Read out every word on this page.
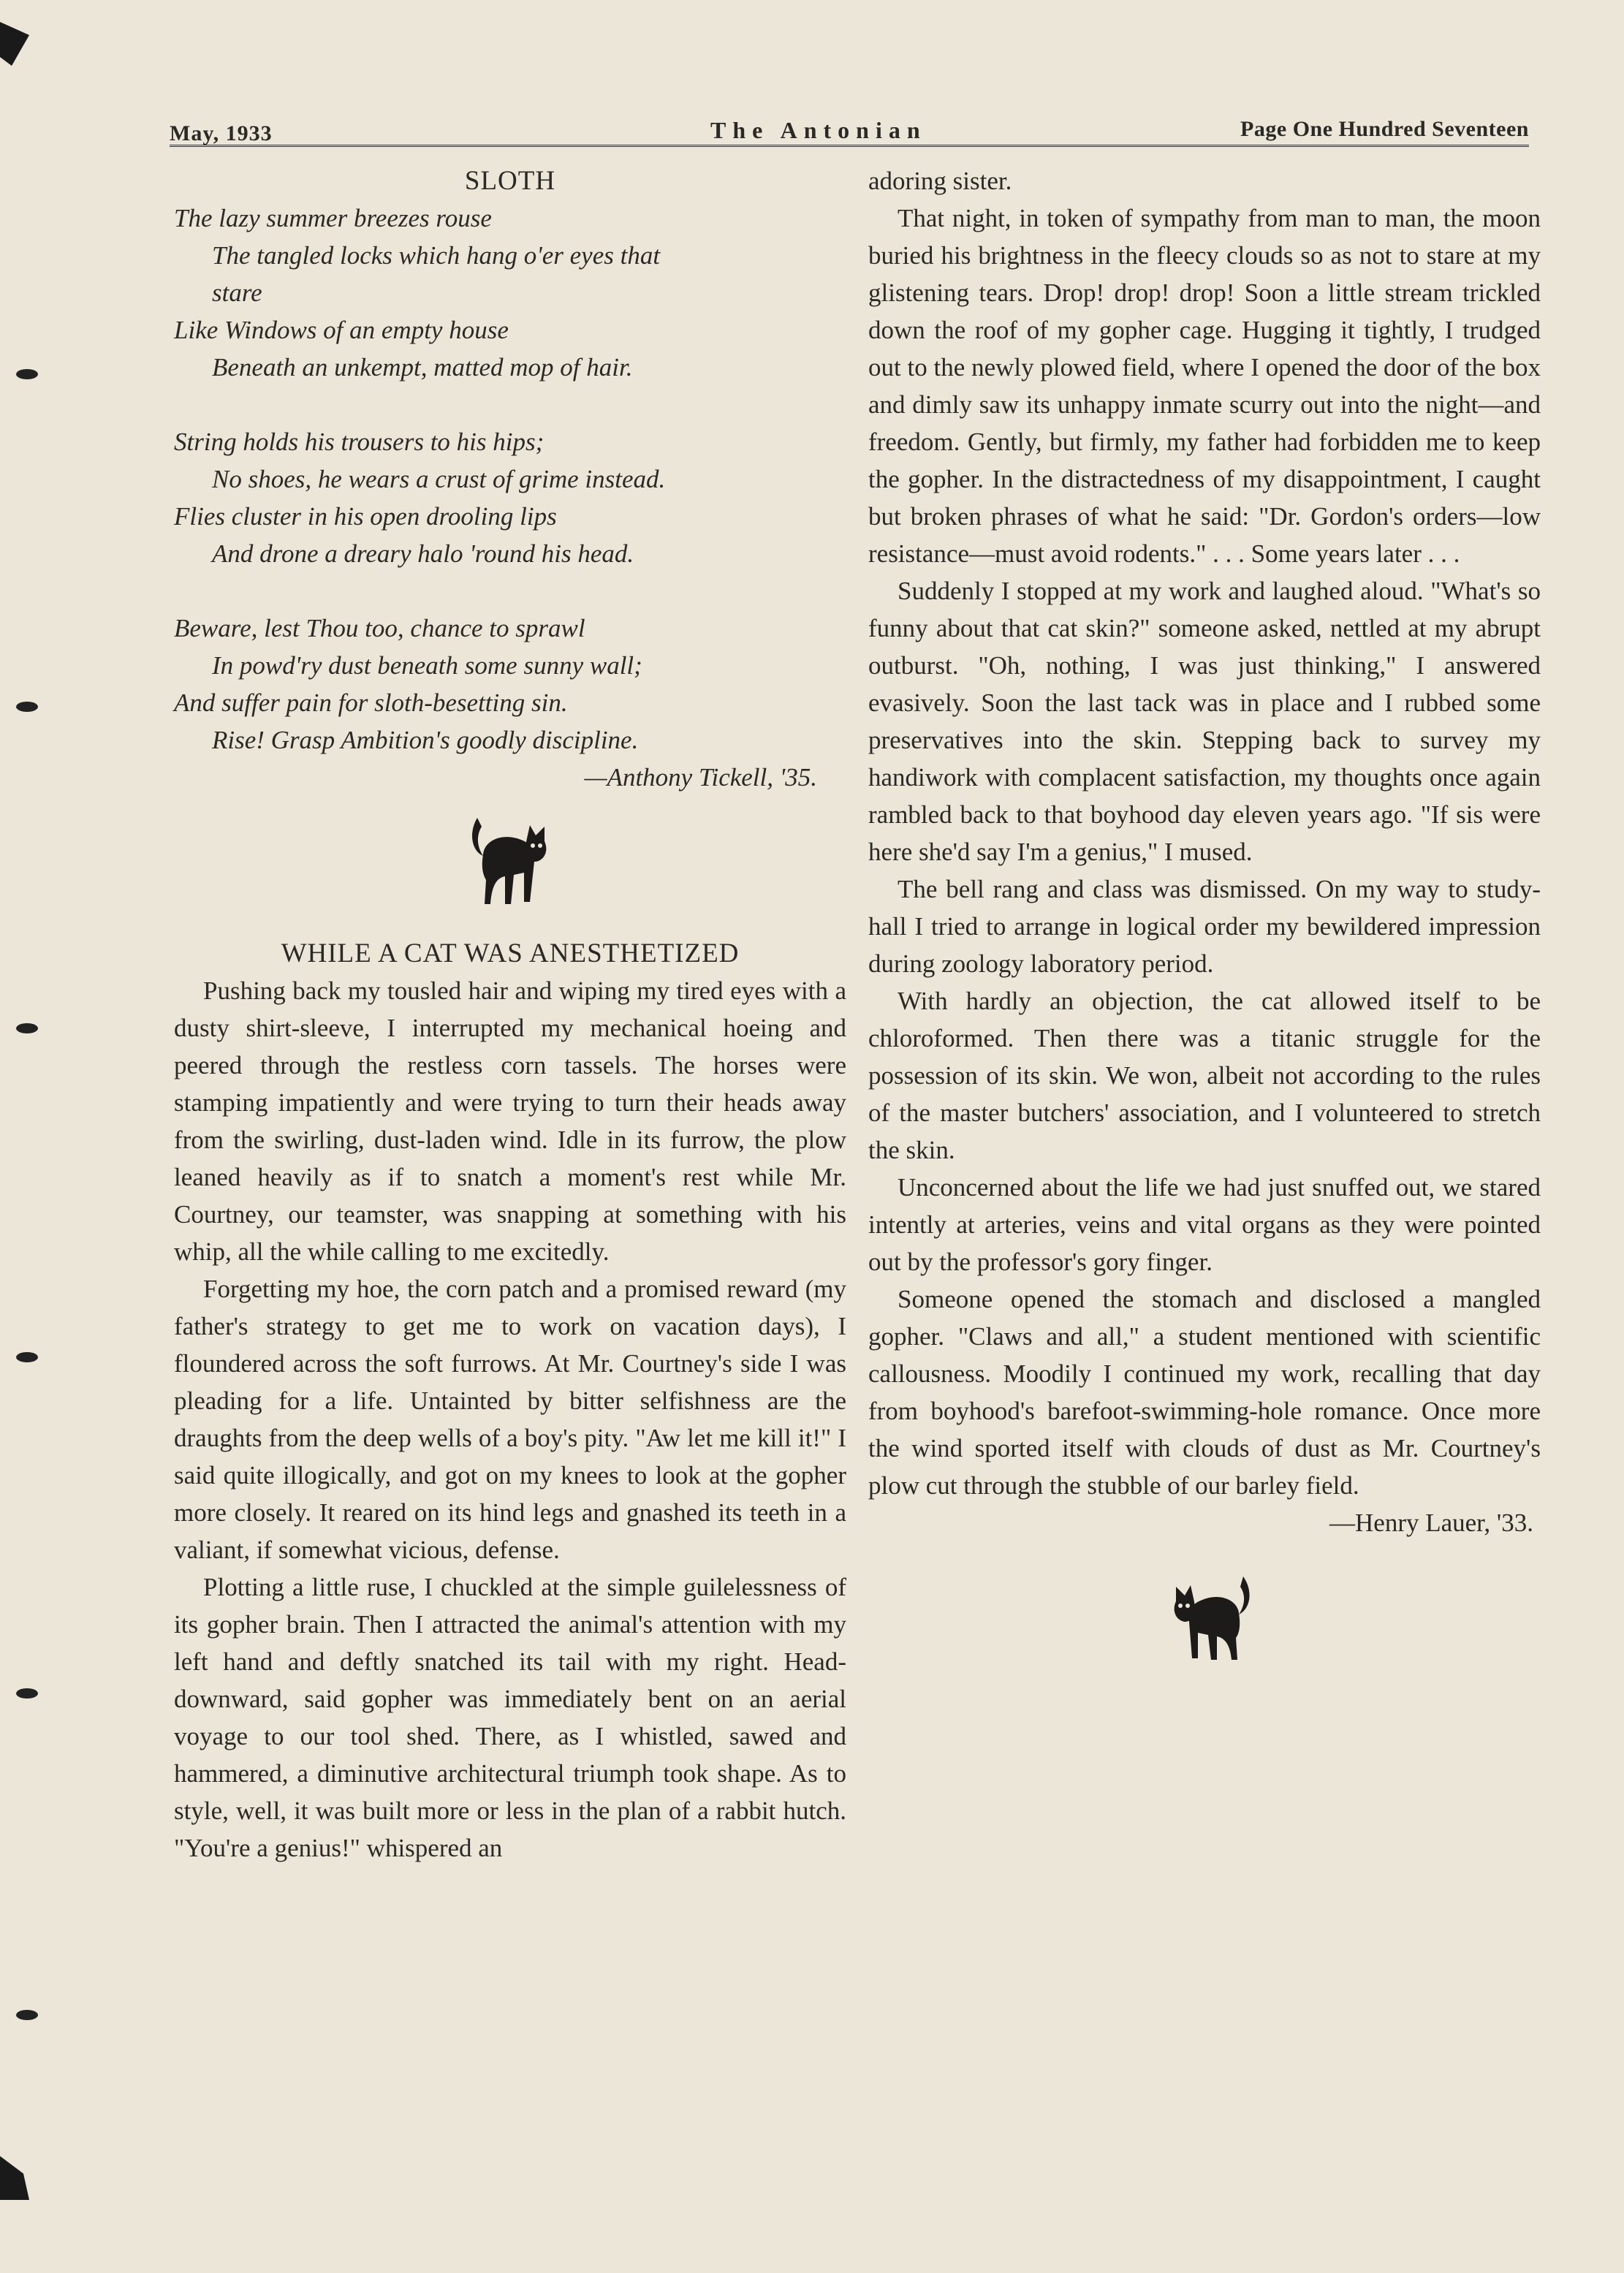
May, 1933	The Antonian	Page One Hundred Seventeen
SLOTH
The lazy summer breezes rouse
The tangled locks which hang o'er eyes that
stare
Like Windows of an empty house
Beneath an unkempt, matted mop of hair.
String holds his trousers to his hips;
No shoes, he wears a crust of grime instead.
Flies cluster in his open drooling lips
And drone a dreary halo 'round his head.
Beware, lest Thou too, chance to sprawl
In powd'ry dust beneath some sunny wall;
And suffer pain for sloth-besetting sin.
Rise! Grasp Ambition's goodly discipline.
—Anthony Tickell, '35.
WHILE A CAT WAS ANESTHETIZED

Pushing back my tousled hair and wiping my tired eyes with a dusty shirt-sleeve, I interrupted my mechanical hoeing and peered through the restless corn tassels. The horses were stamping impatiently and were trying to turn their heads away from the swirling, dust-laden wind. Idle in its furrow, the plow leaned heavily as if to snatch a moment's rest while Mr. Courtney, our teamster, was snapping at something with his whip, all the while calling to me excitedly.

Forgetting my hoe, the corn patch and a promised reward (my father's strategy to get me to work on vacation days), I floundered across the soft furrows. At Mr. Courtney's side I was pleading for a life. Untainted by bitter selfishness are the draughts from the deep wells of a boy's pity. "Aw let me kill it!" I said quite illogically, and got on my knees to look at the gopher more closely. It reared on its hind legs and gnashed its teeth in a valiant, if somewhat vicious, defense.

Plotting a little ruse, I chuckled at the simple guilelessness of its gopher brain. Then I attracted the animal's attention with my left hand and deftly snatched its tail with my right. Head-downward, said gopher was immediately bent on an aerial voyage to our tool shed. There, as I whistled, sawed and hammered, a diminutive architectural triumph took shape. As to style, well, it was built more or less in the plan of a rabbit hutch. "You're a genius!" whispered an

adoring sister.

That night, in token of sympathy from man to man, the moon buried his brightness in the fleecy clouds so as not to stare at my glistening tears. Drop! drop! drop! Soon a little stream trickled down the roof of my gopher cage. Hugging it tightly, I trudged out to the newly plowed field, where I opened the door of the box and dimly saw its unhappy inmate scurry out into the night—and freedom. Gently, but firmly, my father had forbidden me to keep the gopher. In the distractedness of my disappointment, I caught but broken phrases of what he said: "Dr. Gordon's orders—low resistance—must avoid rodents." . . . Some years later . . .

Suddenly I stopped at my work and laughed aloud. "What's so funny about that cat skin?" someone asked, nettled at my abrupt outburst. "Oh, nothing, I was just thinking," I answered evasively. Soon the last tack was in place and I rubbed some preservatives into the skin. Stepping back to survey my handiwork with complacent satisfaction, my thoughts once again rambled back to that boyhood day eleven years ago. "If sis were here she'd say I'm a genius," I mused.

The bell rang and class was dismissed. On my way to study-hall I tried to arrange in logical order my bewildered impression during zoology laboratory period.

With hardly an objection, the cat allowed itself to be chloroformed. Then there was a titanic struggle for the possession of its skin. We won, albeit not according to the rules of the master butchers' association, and I volunteered to stretch the skin.

Unconcerned about the life we had just snuffed out, we stared intently at arteries, veins and vital organs as they were pointed out by the professor's gory finger.

Someone opened the stomach and disclosed a mangled gopher. "Claws and all," a student mentioned with scientific callousness. Moodily I continued my work, recalling that day from boyhood's barefoot-swimming-hole romance. Once more the wind sported itself with clouds of dust as Mr. Courtney's plow cut through the stubble of our barley field.

—Henry Lauer, '33.
